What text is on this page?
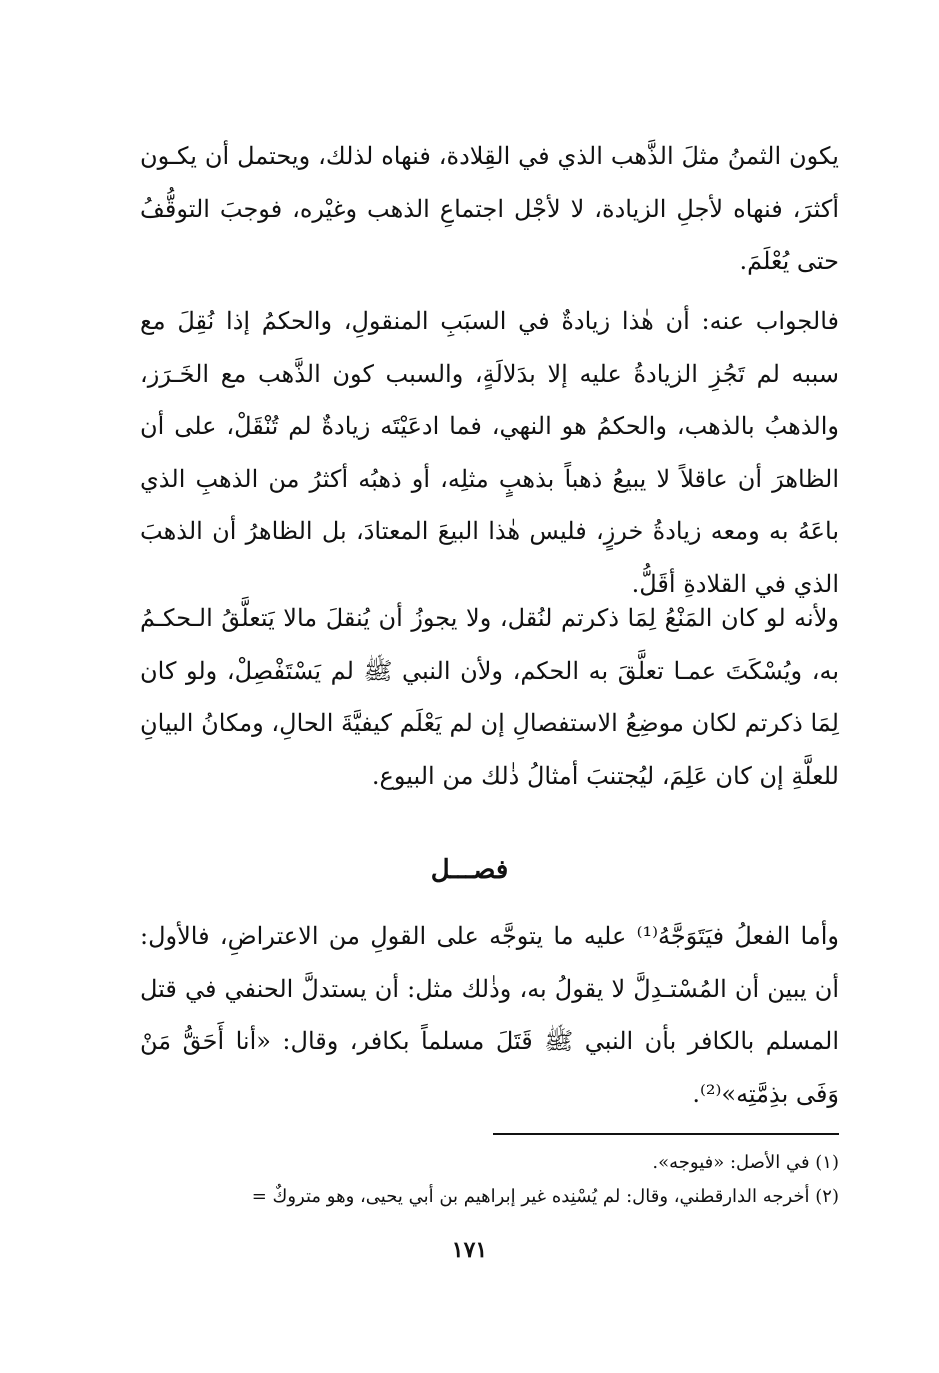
يكون الثمنُ مثلَ الذَّهب الذي في القِلادة، فنهاه لذلك، ويحتمل أن يكـون أكثرَ، فنهاه لأجلِ الزيادة، لا لأجْل اجتماعِ الذهب وغيْره، فوجبَ التوقُّفُ حتى يُعْلَمَ.

فالجواب عنه: أن هٰذا زيادةٌ في السبَبِ المنقولِ، والحكمُ إذا نُقِلَ مع سببه لم تَجُزِ الزيادةُ عليه إلا بدَلالَةٍ، والسبب كون الذَّهب مع الخَـرَز، والذهبُ بالذهب، والحكمُ هو النهي، فما ادعَيْتَه زيادةٌ لم تُنْقَلْ، على أن الظاهرَ أن عاقلاً لا يبيعُ ذهباً بذهبٍ مثلِه، أو ذهبُه أكثرُ من الذهبِ الذي باعَهُ به ومعه زيادةُ خرزٍ، فليس هٰذا البيعَ المعتادَ، بل الظاهرُ أن الذهبَ الذي في القلادةِ أقَلُّ.

ولأنه لو كان المَنْعُ لِمَا ذكرتم لنُقل، ولا يجوزُ أن يُنقلَ مالا يَتعلَّقُ الـحكـمُ به، ويُسْكَتَ عمـا تعلَّقَ به الحكم، ولأن النبي ﷺ لم يَسْتَفْصِلْ، ولو كان لِمَا ذكرتم لكان موضِعُ الاستفصالِ إن لم يَعْلَم كيفيَّةَ الحالِ، ومكانُ البيانِ للعلَّةِ إن كان عَلِمَ، ليُجتنبَ أمثالُ ذٰلك من البيوع.

فصـــل

وأما الفعلُ فيَتَوَجَّهُ⁽¹⁾ عليه ما يتوجَّه على القولِ من الاعتراضِ، فالأول: أن يبين أن المُسْتـدِلَّ لا يقولُ به، وذٰلك مثل: أن يستدلَّ الحنفي في قتل المسلم بالكافر بأن النبي ﷺ قَتَلَ مسلماً بكافر، وقال: «أنا أَحَقُّ مَنْ وَفَى بذِمَّتِه»⁽²⁾.

(١) في الأصل: «فيوجه».

(٢) أخرجه الدارقطني، وقال: لم يُسْنِده غير إبراهيم بن أبي يحيى، وهو متروكٌ =

١٧١
